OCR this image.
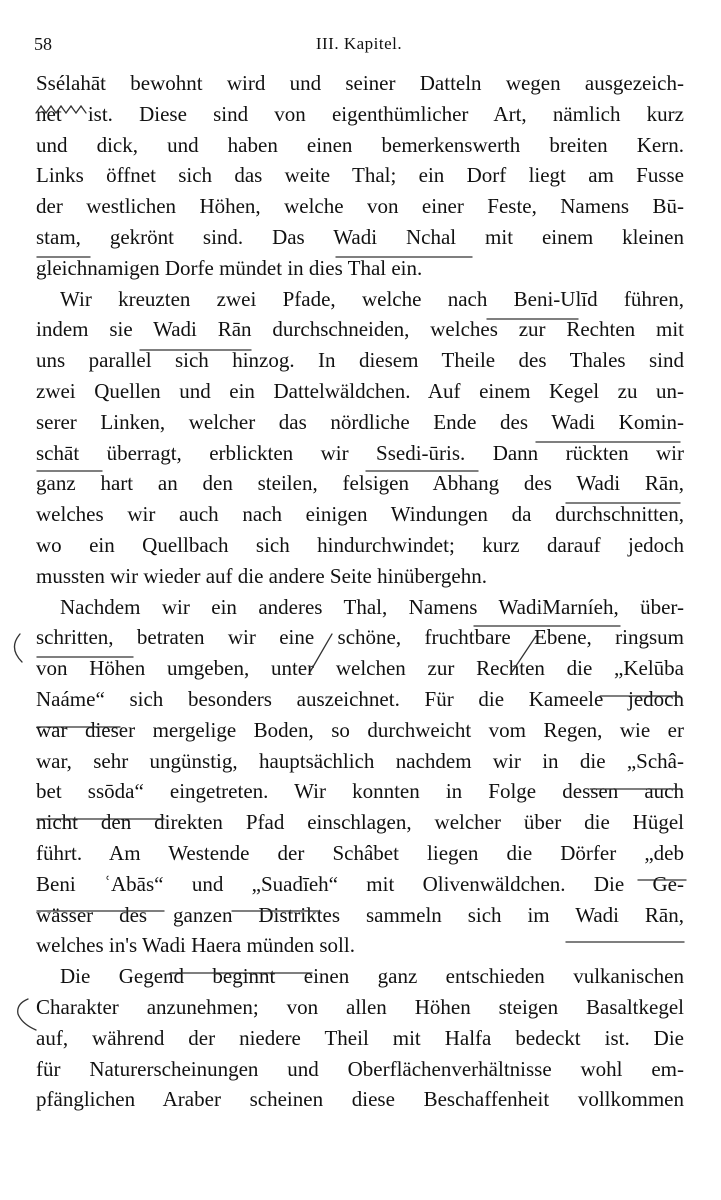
58	III. Kapitel.
Ssélahāt bewohnt wird und seiner Datteln wegen ausgezeich-
net ist. Diese sind von eigenthümlicher Art, nämlich kurz
und dick, und haben einen bemerkenswerth breiten Kern.
Links öffnet sich das weite Thal; ein Dorf liegt am Fusse
der westlichen Höhen, welche von einer Feste, Namens Bū-
stam, gekrönt sind. Das Wadi Nchal mit einem kleinen
gleichnamigen Dorfe mündet in dies Thal ein.
Wir kreuzten zwei Pfade, welche nach Beni-Ulīd führen,
indem sie Wadi Rān durchschneiden, welches zur Rechten mit
uns parallel sich hinzog. In diesem Theile des Thales sind
zwei Quellen und ein Dattelwäldchen. Auf einem Kegel zu un-
serer Linken, welcher das nördliche Ende des Wadi Komin-
schāt überragt, erblickten wir Ssedi-ūris. Dann rückten wir
ganz hart an den steilen, felsigen Abhang des Wadi Rān,
welches wir auch nach einigen Windungen da durchschnitten,
wo ein Quellbach sich hindurchwindet; kurz darauf jedoch
mussten wir wieder auf die andere Seite hinübergehn.
Nachdem wir ein anderes Thal, Namens WadiMarníeh, über-
schritten, betraten wir eine schöne, fruchtbare Ebene, ringsum
von Höhen umgeben, unter welchen zur Rechten die „Kelūba
Naáme“ sich besonders auszeichnet. Für die Kameele jedoch
war dieser mergelige Boden, so durchweicht vom Regen, wie er
war, sehr ungünstig, hauptsächlich nachdem wir in die „Schâ-
bet ssōda“ eingetreten. Wir konnten in Folge dessen auch
nicht den direkten Pfad einschlagen, welcher über die Hügel
führt. Am Westende der Schâbet liegen die Dörfer „deb
Beni ʿAbās“ und „Suadīeh“ mit Olivenwäldchen. Die Ge-
wässer des ganzen Distriktes sammeln sich im Wadi Rān,
welches in's Wadi Haera münden soll.
Die Gegend beginnt einen ganz entschieden vulkanischen
Charakter anzunehmen; von allen Höhen steigen Basaltkegel
auf, während der niedere Theil mit Halfa bedeckt ist. Die
für Naturerscheinungen und Oberflächenverhältnisse wohl em-
pfänglichen Araber scheinen diese Beschaffenheit vollkommen
